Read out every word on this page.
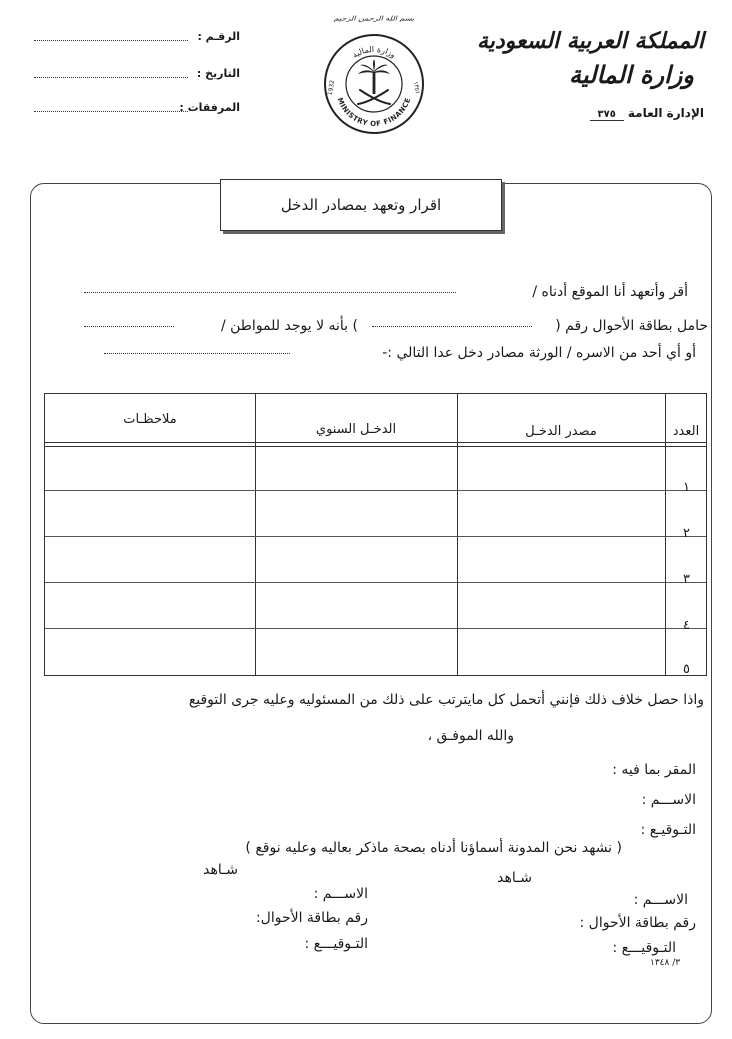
المملكة العربية السعودية
وزارة المالية
الإدارة العامة ٣٧٥
بسم الله الرحمن الرحيم
وزارة المالية
MINISTRY OF FINANCE
1932	١٣٥١
الرقـم :
التاريخ :
المرفقات :
اقرار وتعهد بمصادر الدخل
أقر وأتعهد أنا الموقع أدناه /
حامل بطاقة الأحوال رقم (
) بأنه لا يوجد للمواطن /
أو أي أحد من الاسره / الورثة مصادر دخل عدا التالي :-
العدد
مصدر الدخـل
الدخـل السنوي
ملاحظـات
١
٢
٣
٤
٥
واذا حصل خلاف ذلك فإنني أتحمل كل مايترتب على ذلك من المسئوليه وعليه جرى التوقيع
والله الموفـق ،
المقر بما فيه :
الاســـم :
التـوقيـع :
( نشهد نحن المدونة أسماؤنا أدناه بصحة ماذكر بعاليه وعليه نوقع )
شـاهد	شـاهد
الاســـم :
رقم بطاقة الأحوال :
التـوقيـــع :
الاســـم :
رقم بطاقة الأحوال:
التـوقيـــع :
٣/ ١٣٤٨
